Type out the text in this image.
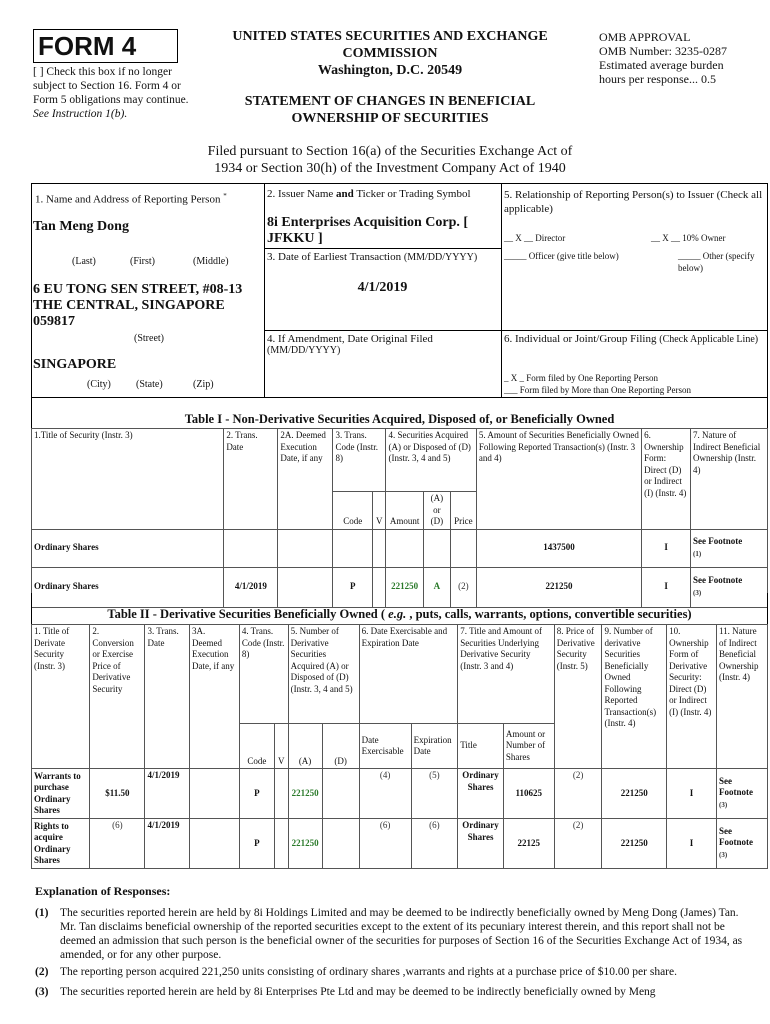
FORM 4
[ ] Check this box if no longer subject to Section 16. Form 4 or Form 5 obligations may continue. See Instruction 1(b).
UNITED STATES SECURITIES AND EXCHANGE
COMMISSION
Washington, D.C. 20549
STATEMENT OF CHANGES IN BENEFICIAL
OWNERSHIP OF SECURITIES
OMB APPROVAL
OMB Number: 3235-0287
Estimated average burden
hours per response... 0.5
Filed pursuant to Section 16(a) of the Securities Exchange Act of
1934 or Section 30(h) of the Investment Company Act of 1940
1. Name and Address of Reporting Person *
Tan Meng Dong
(Last)	(First)	(Middle)
6 EU TONG SEN STREET, #08-13 THE CENTRAL, SINGAPORE 059817
(Street)
SINGAPORE
(City)	(State)	(Zip)
2. Issuer Name and Ticker or Trading Symbol
8i Enterprises Acquisition Corp. [ JFKKU ]
3. Date of Earliest Transaction (MM/DD/YYYY)
4/1/2019
4. If Amendment, Date Original Filed
(MM/DD/YYYY)
5. Relationship of Reporting Person(s) to Issuer (Check all applicable)
__ X __ Director	__ X __ 10% Owner
_____ Officer (give title below)	_____ Other (specify below)
6. Individual or Joint/Group Filing (Check Applicable Line)
_ X _ Form filed by One Reporting Person
___ Form filed by More than One Reporting Person
Table I - Non-Derivative Securities Acquired, Disposed of, or Beneficially Owned
1.Title of Security (Instr. 3)	2. Trans. Date	2A. Deemed Execution Date, if any	3. Trans. Code (Instr. 8)		4. Securities Acquired (A) or Disposed of (D) (Instr. 3, 4 and 5)			5. Amount of Securities Beneficially Owned Following Reported Transaction(s) (Instr. 3 and 4)	6. Ownership Form: Direct (D) or Indirect (I) (Instr. 4)	7. Nature of Indirect Beneficial Ownership (Instr. 4)
			Code	V	Amount	(A) or (D)	Price			
Ordinary Shares								1437500	I	See Footnote
(1)
Ordinary Shares	4/1/2019		P		221250	A	(2)	221250	I	See Footnote
(3)
Table II - Derivative Securities Beneficially Owned ( e.g. , puts, calls, warrants, options, convertible securities)
1. Title of Derivate Security (Instr. 3)	2. Conversion or Exercise Price of Derivative Security	3. Trans. Date	3A. Deemed Execution Date, if any	4. Trans. Code (Instr. 8)		5. Number of Derivative Securities Acquired (A) or Disposed of (D) (Instr. 3, 4 and 5)		6. Date Exercisable and Expiration Date		7. Title and Amount of Securities Underlying Derivative Security (Instr. 3 and 4)		8. Price of Derivative Security (Instr. 5)	9. Number of derivative Securities Beneficially Owned Following Reported Transaction(s) (Instr. 4)	10. Ownership Form of Derivative Security: Direct (D) or Indirect (I) (Instr. 4)	11. Nature of Indirect Beneficial Ownership (Instr. 4)
				Code	V	(A)	(D)	Date Exercisable	Expiration Date	Title	Amount or Number of Shares				
Warrants to purchase Ordinary Shares	$11.50	4/1/2019		P		221250		(4)	(5)	Ordinary Shares	110625	(2)	221250	I	See Footnote
(3)
Rights to acquire Ordinary Shares	(6)	4/1/2019		P		221250		(6)	(6)	Ordinary Shares	22125	(2)	221250	I	See Footnote
(3)
Explanation of Responses:
(1) The securities reported herein are held by 8i Holdings Limited and may be deemed to be indirectly beneficially owned by Meng Dong (James) Tan. Mr. Tan disclaims beneficial ownership of the reported securities except to the extent of its pecuniary interest therein, and this report shall not be deemed an admission that such person is the beneficial owner of the securities for purposes of Section 16 of the Securities Exchange Act of 1934, as amended, or for any other purpose.
(2) The reporting person acquired 221,250 units consisting of ordinary shares ,warrants and rights at a purchase price of $10.00 per share.
(3) The securities reported herein are held by 8i Enterprises Pte Ltd and may be deemed to be indirectly beneficially owned by Meng
